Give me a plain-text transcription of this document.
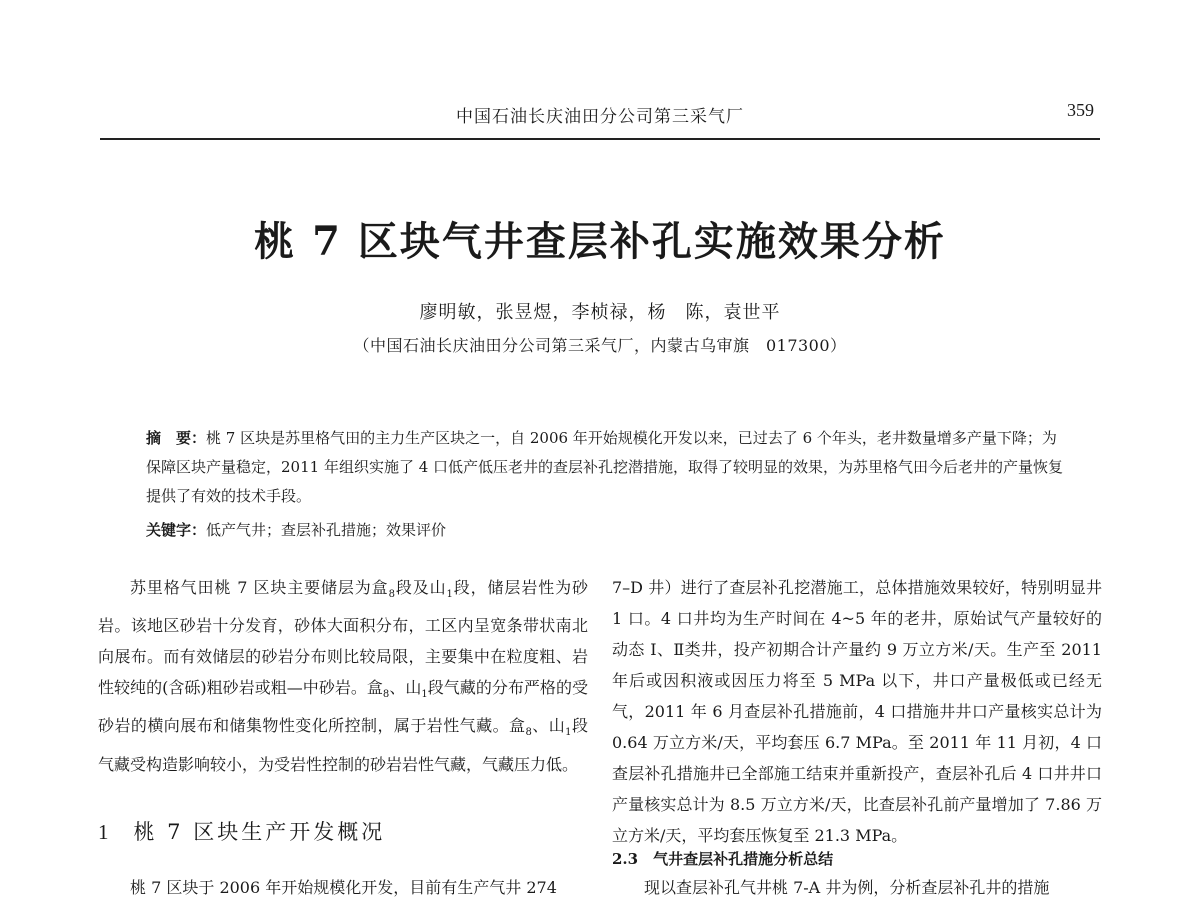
中国石油长庆油田分公司第三采气厂	359
桃 7 区块气井查层补孔实施效果分析
廖明敏，张昱煜，李桢禄，杨　陈，袁世平
（中国石油长庆油田分公司第三采气厂，内蒙古乌审旗　017300）
摘　要：桃 7 区块是苏里格气田的主力生产区块之一，自 2006 年开始规模化开发以来，已过去了 6 个年头，老井数量增多产量下降；为保障区块产量稳定，2011 年组织实施了 4 口低产低压老井的查层补孔挖潜措施，取得了较明显的效果，为苏里格气田今后老井的产量恢复提供了有效的技术手段。
关键字：低产气井；查层补孔措施；效果评价

苏里格气田桃 7 区块主要储层为盒$_8$段及山$_1$段，储层岩性为砂岩。该地区砂岩十分发育，砂体大面积分布，工区内呈宽条带状南北向展布。而有效储层的砂岩分布则比较局限，主要集中在粒度粗、岩性较纯的(含砾)粗砂岩或粗—中砂岩。盒$_8$、山$_1$段气藏的分布严格的受砂岩的横向展布和储集物性变化所控制，属于岩性气藏。盒$_8$、山$_1$段气藏受构造影响较小，为受岩性控制的砂岩岩性气藏，气藏压力低。

1 桃 7 区块生产开发概况
桃 7 区块于 2006 年开始规模化开发，目前有生产气井 274

7–D 井）进行了查层补孔挖潜施工，总体措施效果较好，特别明显井 1 口。4 口井均为生产时间在 4~5 年的老井，原始试气产量较好的动态 Ⅰ、Ⅱ类井，投产初期合计产量约 9 万立方米/天。生产至 2011 年后或因积液或因压力将至 5 MPa 以下，井口产量极低或已经无气，2011 年 6 月查层补孔措施前，4 口措施井井口产量核实总计为 0.64 万立方米/天，平均套压 6.7 MPa。至 2011 年 11 月初，4 口查层补孔措施井已全部施工结束并重新投产，查层补孔后 4 口井井口产量核实总计为 8.5 万立方米/天，比查层补孔前产量增加了 7.86 万立方米/天，平均套压恢复至 21.3 MPa。

2.3　 气井查层补孔措施分析总结
现以查层补孔气井桃 7-A 井为例，分析查层补孔井的措施
